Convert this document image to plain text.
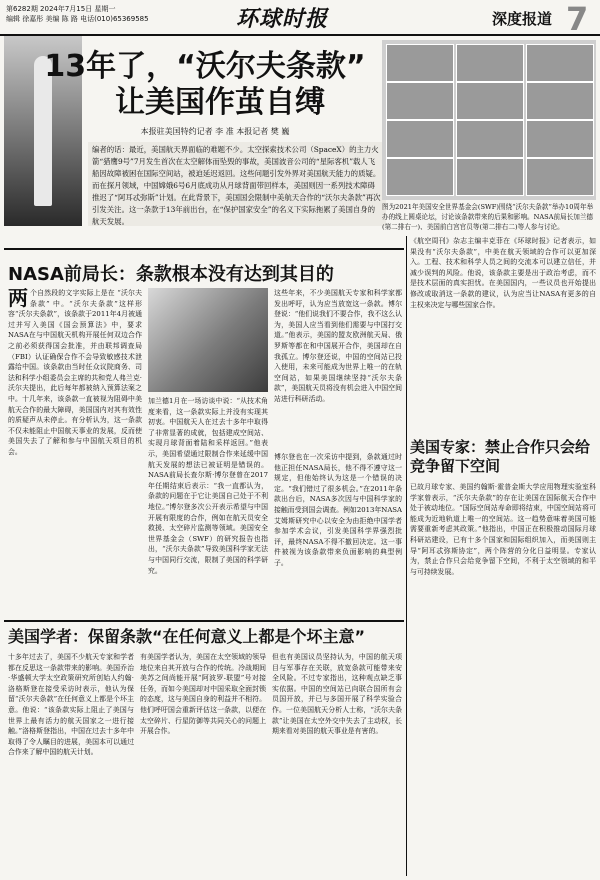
第6282期 2024年7月15日 星期一
编辑 徐嘉彤 美编 陈 路 电话(010)65369585	环球时报	深度报道 7
13年了，“沃尔夫条款”
让美国作茧自缚
本报驻美国特约记者 李 准 本报记者 樊 巍
编者的话：最近，美国航天界面临的难题不少。太空探索技术公司（SpaceX）的主力火箭“猎鹰9号”7月发生首次在太空解体而坠毁的事故，美国波音公司的“星际客机”载人飞船因故障被困在国际空间站，被迫延迟返回。这些问题引发外界对美国航天能力的质疑。而在探月领域，中国嫦娥6号6月底成功从月球背面带回样本，美国则因一系列技术障碍推迟了“阿耳忒弥斯”计划。在此背景下，美国国会限制中美航天合作的“沃尔夫条款”再次引发关注。这一条款于13年前出台，在“保护国家安全”的名义下实际拖累了美国自身的航天发展。
图为2021年美国安全世界基金会(SWF)围绕“沃尔夫条款”举办10周年举办的线上圆桌论坛，讨论该条款带来的后果和影响。NASA前局长加兰德(第二排右一)、美国前白宫官员等(第二排右二)等人参与讨论。
NASA前局长：条款根本没有达到其目的
两 个自然段的文字实际上是在 “沃尔夫条款” 中。“沃尔夫条款”这样形容“沃尔夫条款”，该条款于2011年4月被通过并写入美国《国会预算法》中，要求NASA在与中国航天机构开展任何双边合作之前必须获得国会批准，并由联邦调查局（FBI）认证确保合作不会导致敏感技术泄露给中国。该条款由当时任众议院商务、司法和科学小组委员会主席的共和党人弗兰克·沃尔夫提出，此后每年都被纳入预算法案之中。十几年来，该条款一直被视为阻碍中美航天合作的最大障碍，美国国内对其有效性的质疑声从未停止。有分析认为，这一条款不仅未能阻止中国航天事业的发展，反而使美国失去了了解和参与中国航天项目的机会。
加兰德1月在一场访谈中说：“从技术角度来看，这一条款实际上并没有实现其初衷。中国航天人在过去十多年中取得了非常显著的成就，包括建成空间站、实现月球背面着陆和采样返回。”他表示，美国希望通过限制合作来延缓中国航天发展的想法已被证明是错误的。NASA前局长查尔斯·博尔登曾在2017年任期结束后表示：“我一直都认为，条款的问题在于它让美国自己处于不利地位。”博尔登多次公开表示希望与中国开展有限度的合作，例如在航天员安全救援、太空碎片监测等领域。美国安全世界基金会（SWF）的研究报告也指出，“沃尔夫条款”导致美国科学家无法与中国同行交流，限制了美国的科学研究。
这些年来，不少美国航天专家和科学家都发出呼吁，认为应当放宽这一条款。博尔登说：“他们说我们不要合作，我不这么认为，美国人应当看到他们需要与中国打交道。”他表示，美国的盟友欧洲航天局、俄罗斯等都在和中国展开合作，美国却在自我孤立。博尔登还说，中国的空间站已投入使用，未来可能成为世界上唯一的在轨空间站，如果美国继续坚持“沃尔夫条款”，美国航天员将没有机会进入中国空间站进行科研活动。
博尔登也在一次采访中提到，条款通过时他正担任NASA局长，他不得不遵守这一规定，但他始终认为这是一个错误的决定。“我们错过了很多机会。”在2011年条款出台后，NASA多次因与中国科学家的接触而受到国会调查。例如2013年NASA艾姆斯研究中心以安全为由拒绝中国学者参加学术会议，引发美国科学界强烈批评，最终NASA不得不撤回决定。这一事件被视为该条款带来负面影响的典型例子。
《航空周刊》杂志主编丰克菲在《环球时报》记者表示，如果没有“沃尔夫条款”，中美在航天领域的合作可以更加深入。工程、技术和科学人员之间的交流本可以建立信任，并减少误判的风险。他说，该条款主要是出于政治考虑，而不是技术层面的真实担忧。在美国国内，一些议员也开始提出修改或取消这一条款的建议，认为应当让NASA有更多的自主权来决定与哪些国家合作。
美国专家：禁止合作只会给竞争留下空间
已故月球专家、美国约翰斯·霍普金斯大学应用物理实验室科学家曾表示，“沃尔夫条款”的存在让美国在国际航天合作中处于被动地位。“国际空间站寿命即将结束，中国空间站将可能成为近地轨道上唯一的空间站。这一趋势意味着美国可能需要重新考虑其政策。”他指出，中国正在积极推动国际月球科研站建设，已有十多个国家和国际组织加入，而美国则主导“阿耳忒弥斯协定”，两个阵营的分化日益明显。专家认为，禁止合作只会给竞争留下空间，不利于太空领域的和平与可持续发展。
美国学者：保留条款“在任何意义上都是个坏主意”
十多年过去了，美国不少航天专家和学者都在反思这一条款带来的影响。美国乔治·华盛顿大学太空政策研究所创始人约翰·洛格斯登在接受采访时表示，他认为保留“沃尔夫条款”在任何意义上都是个坏主意。他说：“该条款实际上阻止了美国与世界上最有活力的航天国家之一进行接触。”洛格斯登指出，中国在过去十多年中取得了令人瞩目的进展，美国本可以通过合作来了解中国的航天计划。
有美国学者认为，美国在太空领域的领导地位来自其开放与合作的传统。冷战期间美苏之间尚能开展“阿波罗-联盟”号对接任务，而如今美国却对中国采取全面封锁的态度，这与美国自身的利益并不相符。他们呼吁国会重新评估这一条款，以便在太空碎片、行星防御等共同关心的问题上开展合作。
但也有美国议员坚持认为，中国的航天项目与军事存在关联，放宽条款可能带来安全风险。不过专家指出，这种观点缺乏事实依据。中国的空间站已向联合国所有会员国开放，并已与多国开展了科学实验合作。一位美国航天分析人士称，“沃尔夫条款”让美国在太空外交中失去了主动权，长期来看对美国的航天事业是有害的。
